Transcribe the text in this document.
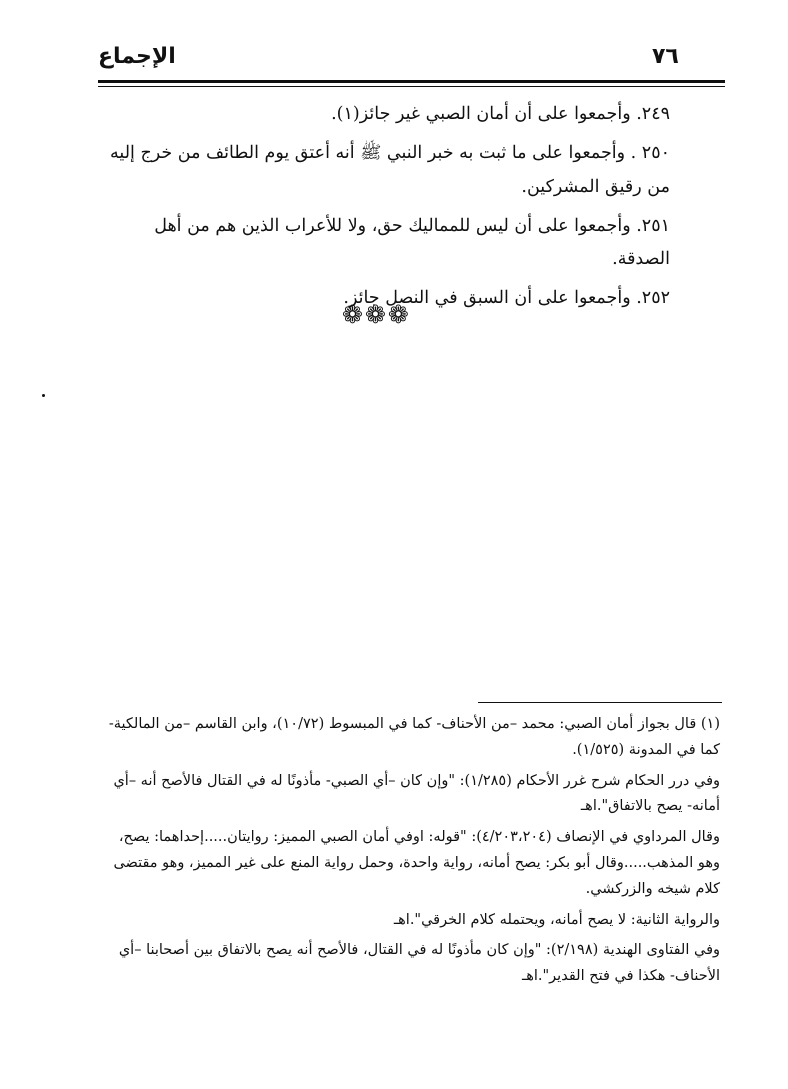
الإجماع	٧٦

٢٤٩. وأجمعوا على أن أمان الصبي غير جائز(١).

٢٥٠ . وأجمعوا على ما ثبت به خبر النبي ﷺ أنه أعتق يوم الطائف من خرج إليه من رقيق المشركين.

٢٥١. وأجمعوا على أن ليس للمماليك حق، ولا للأعراب الذين هم من أهل الصدقة.

٢٥٢. وأجمعوا على أن السبق في النصل جائز.

❁❁❁

(١) قال بجواز أمان الصبي: محمد –من الأحناف- كما في المبسوط (١٠/٧٢)، وابن القاسم –من المالكية- كما في المدونة (١/٥٢٥).

وفي درر الحكام شرح غرر الأحكام (١/٢٨٥): "وإن كان –أي الصبي- مأذونًا له في القتال فالأصح أنه –أي أمانه- يصح بالاتفاق".اهـ

وقال المرداوي في الإنصاف (٤/٢٠٣،٢٠٤): "قوله: اوفي أمان الصبي المميز: روايتان.....إحداهما: يصح، وهو المذهب.....وقال أبو بكر: يصح أمانه، رواية واحدة، وحمل رواية المنع على غير المميز، وهو مقتضى كلام شيخه والزركشي.

والرواية الثانية: لا يصح أمانه، ويحتمله كلام الخرقي".اهـ

وفي الفتاوى الهندية (٢/١٩٨): "وإن كان مأذونًا له في القتال، فالأصح أنه يصح بالاتفاق بين أصحابنا –أي الأحناف- هكذا في فتح القدير".اهـ
